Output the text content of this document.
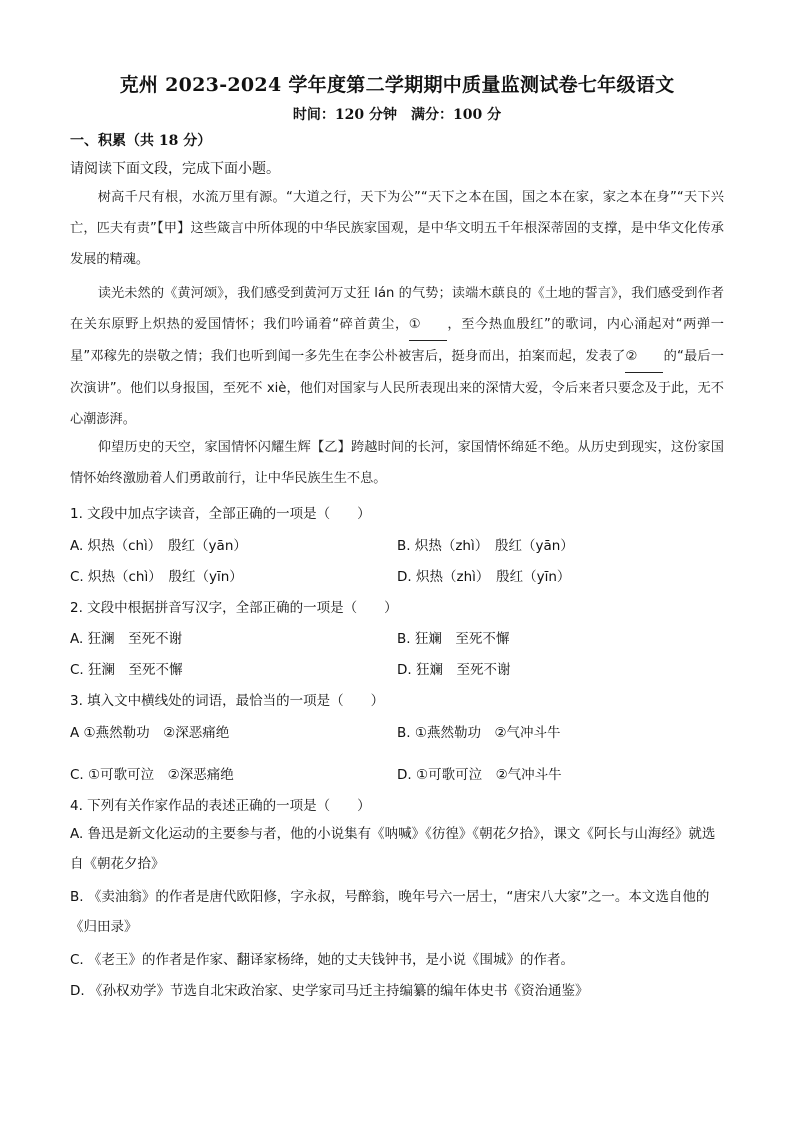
克州 2023-2024 学年度第二学期期中质量监测试卷七年级语文
时间：120 分钟　满分：100 分
一、积累（共 18 分）
请阅读下面文段，完成下面小题。
树高千尺有根，水流万里有源。“大道之行，天下为公”“天下之本在国，国之本在家，家之本在身”“天下兴亡，匹夫有责”【甲】这些箴言中所体现的中华民族家国观，是中华文明五千年根深蒂固的支撑，是中华文化传承发展的精魂。
读光未然的《黄河颂》，我们感受到黄河万丈狂 lán 的气势；读端木蕻良的《土地的誓言》，我们感受到作者在关东原野上炽热的爱国情怀；我们吟诵着“碎首黄尘，① ，至今热血殷红”的歌词，内心涌起对“两弹一星”邓稼先的崇敬之情；我们也听到闻一多先生在李公朴被害后，挺身而出，拍案而起，发表了② 的“最后一次演讲”。他们以身报国，至死不 xiè，他们对国家与人民所表现出来的深情大爱，令后来者只要念及于此，无不心潮澎湃。
仰望历史的天空，家国情怀闪耀生辉【乙】跨越时间的长河，家国情怀绵延不绝。从历史到现实，这份家国情怀始终激励着人们勇敢前行，让中华民族生生不息。
1. 文段中加点字读音，全部正确的一项是（　　）
A. 炽热（chì）　殷红（yān）	B. 炽热（zhì）　殷红（yān）
C. 炽热（chì）　殷红（yīn）	D. 炽热（zhì）　殷红（yīn）
2. 文段中根据拼音写汉字，全部正确的一项是（　　）
A. 狂澜　至死不谢	B. 狂斓　至死不懈
C. 狂澜　至死不懈	D. 狂斓　至死不谢
3. 填入文中横线处的词语，最恰当的一项是（　　）
A ①燕然勒功　②深恶痛绝	B. ①燕然勒功　②气冲斗牛
C. ①可歌可泣　②深恶痛绝	D. ①可歌可泣　②气冲斗牛
4. 下列有关作家作品的表述正确的一项是（　　）
A. 鲁迅是新文化运动的主要参与者，他的小说集有《呐喊》《彷徨》《朝花夕拾》，课文《阿长与山海经》就选自《朝花夕拾》
B. 《卖油翁》的作者是唐代欧阳修，字永叔，号醉翁，晚年号六一居士，“唐宋八大家”之一。本文选自他的《归田录》
C. 《老王》的作者是作家、翻译家杨绛，她的丈夫钱钟书，是小说《围城》的作者。
D. 《孙权劝学》节选自北宋政治家、史学家司马迁主持编纂的编年体史书《资治通鉴》
